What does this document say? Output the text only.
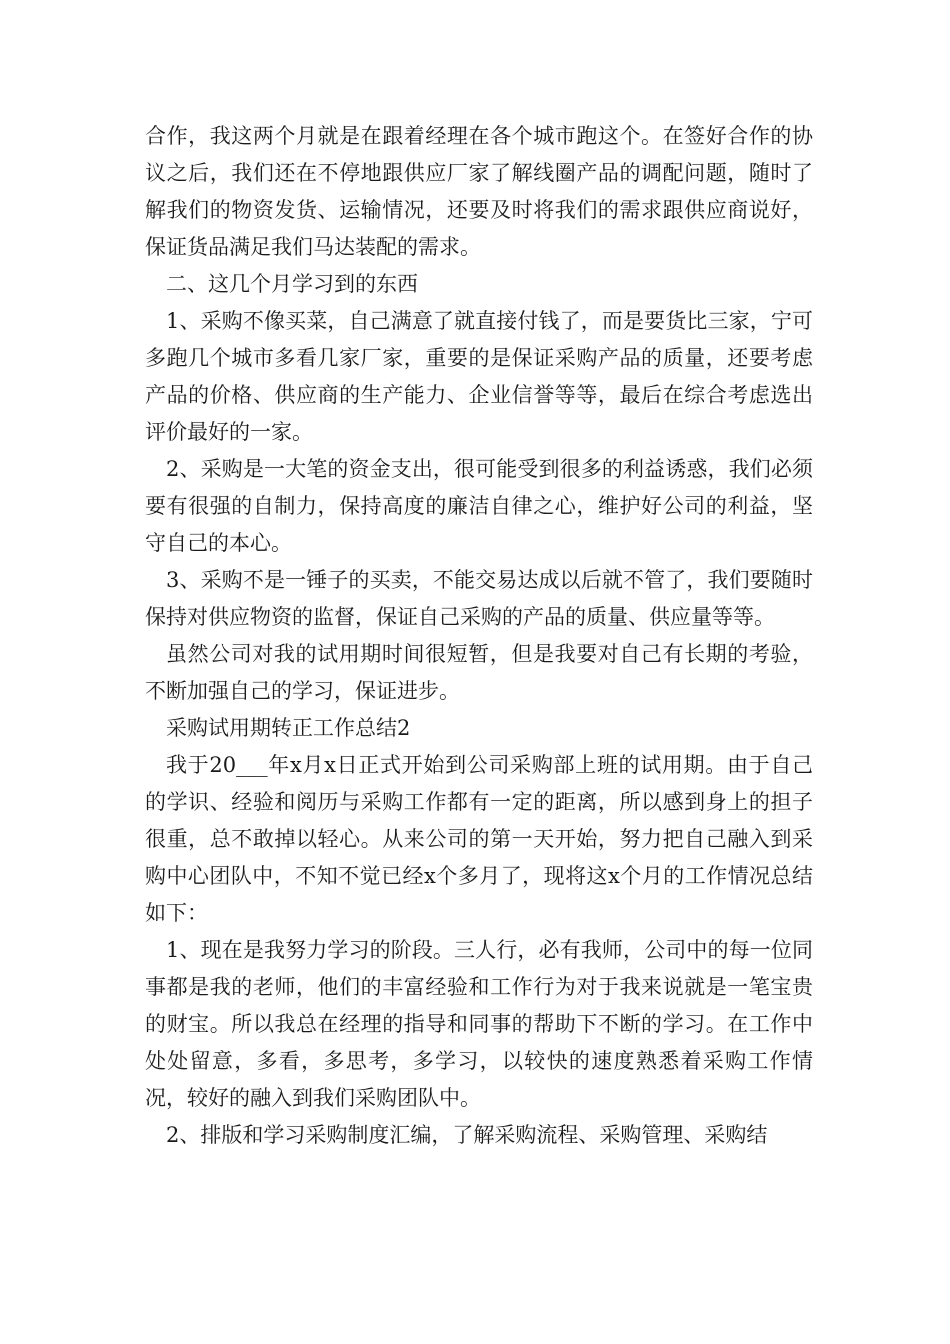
合作，我这两个月就是在跟着经理在各个城市跑这个。在签好合作的协议之后，我们还在不停地跟供应厂家了解线圈产品的调配问题，随时了解我们的物资发货、运输情况，还要及时将我们的需求跟供应商说好，保证货品满足我们马达装配的需求。

二、这几个月学习到的东西

1、采购不像买菜，自己满意了就直接付钱了，而是要货比三家，宁可多跑几个城市多看几家厂家，重要的是保证采购产品的质量，还要考虑产品的价格、供应商的生产能力、企业信誉等等，最后在综合考虑选出评价最好的一家。

2、采购是一大笔的资金支出，很可能受到很多的利益诱惑，我们必须要有很强的自制力，保持高度的廉洁自律之心，维护好公司的利益，坚守自己的本心。

3、采购不是一锤子的买卖，不能交易达成以后就不管了，我们要随时保持对供应物资的监督，保证自己采购的产品的质量、供应量等等。

虽然公司对我的试用期时间很短暂，但是我要对自己有长期的考验，不断加强自己的学习，保证进步。

采购试用期转正工作总结2

我于20___年x月x日正式开始到公司采购部上班的试用期。由于自己的学识、经验和阅历与采购工作都有一定的距离，所以感到身上的担子很重，总不敢掉以轻心。从来公司的第一天开始，努力把自己融入到采购中心团队中，不知不觉已经x个多月了，现将这x个月的工作情况总结如下：

1、现在是我努力学习的阶段。三人行，必有我师，公司中的每一位同事都是我的老师，他们的丰富经验和工作行为对于我来说就是一笔宝贵的财宝。所以我总在经理的指导和同事的帮助下不断的学习。在工作中处处留意，多看，多思考，多学习，以较快的速度熟悉着采购工作情况，较好的融入到我们采购团队中。

2、排版和学习采购制度汇编，了解采购流程、采购管理、采购结
